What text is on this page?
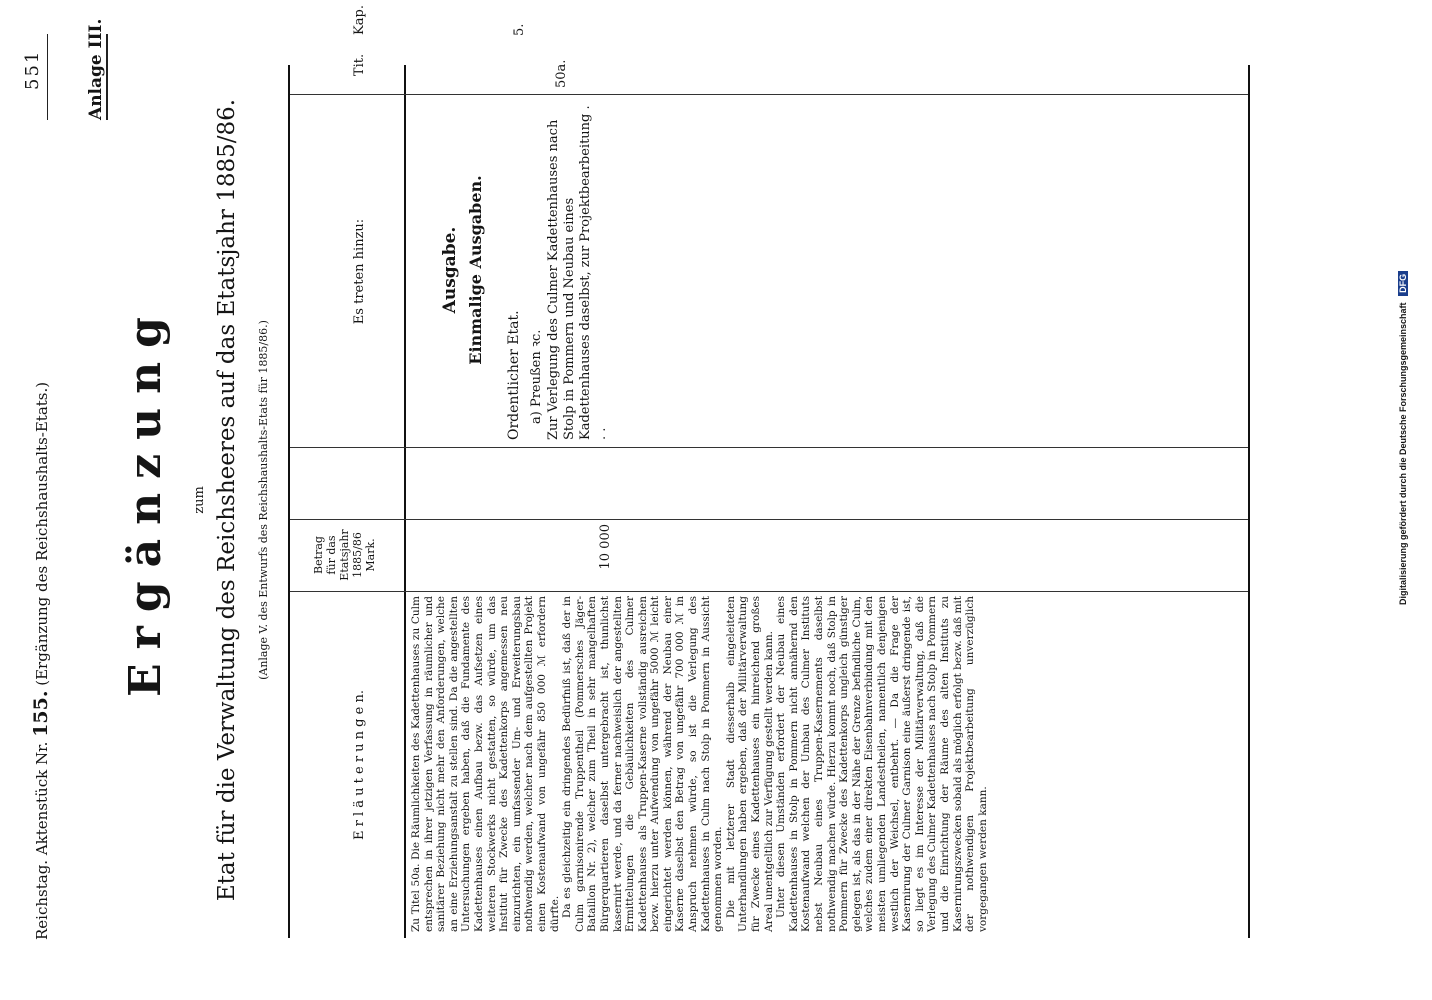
Reichstag. Aktenstück Nr. 155. (Ergänzung des Reichshaushalts-Etats.)
551	Anlage III.
Ergänzung zum Etat für die Verwaltung des Reichsheeres auf das Etatsjahr 1885/86. (Anlage V. des Entwurfs des Reichshaushalts-Etats für 1885/86.)
E r l ä u t e r u n g e n.
Betrag für das Etatsjahr 1885/86 Mark.
Es treten hinzu:
Tit.
Kap.	5.
50a.
Ausgabe. Einmalige Ausgaben.
Ordentlicher Etat. a) Preußen ꝛc. Zur Verlegung des Culmer Kadettenhauses nach Stolp in Pommern und Neubau eines Kadettenhauses daselbst, zur Projektbearbeitung . . .
10 000

Zu Titel 50a. Die Räumlichkeiten des Kadettenhauses zu Culm entsprechen in ihrer jetzigen Verfassung in räumlicher und sanitärer Beziehung nicht mehr den Anforderungen, welche an eine Erziehungsanstalt zu stellen sind. Da die angestellten Untersuchungen ergeben haben, daß die Fundamente des Kadettenhauses einen Aufbau bezw. das Aufsetzen eines weiteren Stockwerks nicht gestatten, so würde, um das Institut für Zwecke des Kadettenkorps angemessen neu einzurichten, ein umfassender Um- und Erweiterungsbau nothwendig werden, welcher nach dem aufgestellten Projekt einen Kostenaufwand von ungefähr 850 000 ℳ erfordern dürfte. Da es gleichzeitig ein dringendes Bedürfniß ist, daß der in Culm garnisonirende Truppentheil (Pommersches Jäger-Bataillon Nr. 2), welcher zum Theil in sehr mangelhaften Bürgerquartieren daselbst untergebracht ist, thunlichst kasernirt werde, und da ferner nachweislich der angestellten Ermittelungen die Gebäulichkeiten des Culmer Kadettenhauses als Truppen-Kaserne vollständig ausreichen bezw. hierzu unter Aufwendung von ungefähr 5000 ℳ leicht eingerichtet werden können, während der Neubau einer Kaserne daselbst den Betrag von ungefähr 700 000 ℳ in Anspruch nehmen würde, so ist die Verlegung des Kadettenhauses in Culm nach Stolp in Pommern in Aussicht genommen worden. Die mit letzterer Stadt diesserhalb eingeleiteten Unterhandlungen haben ergeben, daß der Militärverwaltung für Zwecke eines Kadettenhauses ein hinreichend großes Areal unentgeltlich zur Verfügung gestellt werden kann. Unter diesen Umständen erfordert der Neubau eines Kadettenhauses in Stolp in Pommern nicht annähernd den Kostenaufwand welchen der Umbau des Culmer Instituts nebst Neubau eines Truppen-Kasernements daselbst nothwendig machen würde. Hierzu kommt noch, daß Stolp in Pommern für Zwecke des Kadettenkorps ungleich günstiger gelegen ist, als das in der Nähe der Grenze befindliche Culm, welches zudem einer direkten Eisenbahnverbindung mit den meisten umliegenden Landestheilen, namentlich denjenigen westlich der Weichsel, entbehrt. — Da die Frage der Kasernirung der Culmer Garnison eine äußerst dringende ist, so liegt es im Interesse der Militärverwaltung, daß die Verlegung des Culmer Kadettenhauses nach Stolp in Pommern und die Einrichtung der Räume des alten Instituts zu Kasernirungszwecken sobald als möglich erfolgt bezw. daß mit der nothwendigen Projektbearbeitung unverzüglich vorgegangen werden kann.

Digitalisierung gefördert durch die Deutsche Forschungsgemeinschaft DFG
